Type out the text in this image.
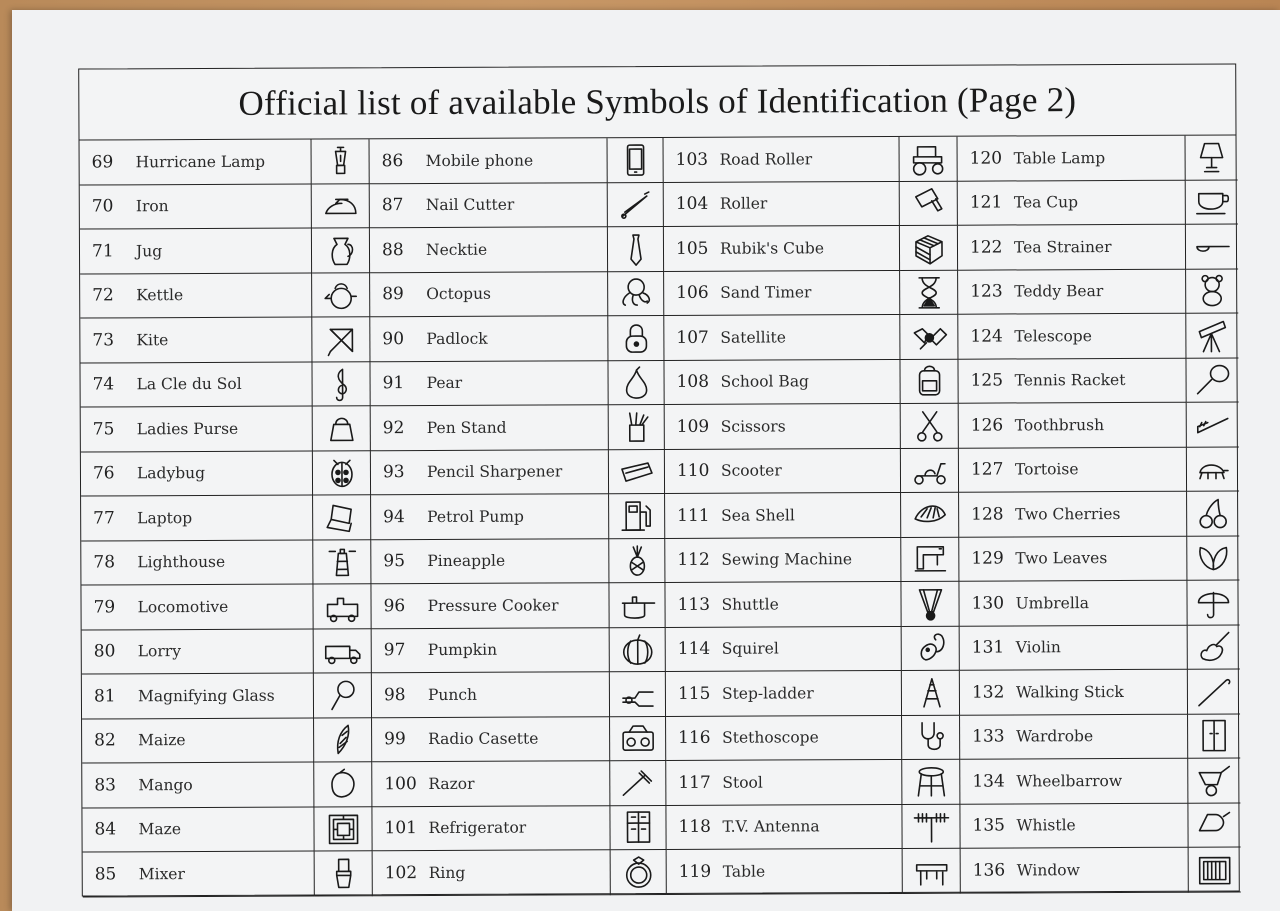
Official list of available Symbols of Identification (Page 2)
69	Hurricane Lamp	86	Mobile phone	103 Road Roller	120 Table Lamp
70	Iron	87	Nail Cutter	104 Roller	121 Tea Cup
71	Jug	88	Necktie	105 Rubik's Cube	122 Tea Strainer
72	Kettle	89	Octopus	106 Sand Timer	123 Teddy Bear
73	Kite	90	Padlock	107 Satellite	124 Telescope
74	La Cle du Sol	91	Pear	108 School Bag	125 Tennis Racket
75	Ladies Purse	92	Pen Stand	109 Scissors	126 Toothbrush
76	Ladybug	93	Pencil Sharpener	110 Scooter	127 Tortoise
77	Laptop	94	Petrol Pump	111 Sea Shell	128 Two Cherries
78	Lighthouse	95	Pineapple	112 Sewing Machine	129 Two Leaves
79	Locomotive	96	Pressure Cooker	113 Shuttle	130 Umbrella
80	Lorry	97	Pumpkin	114 Squirel	131 Violin
81	Magnifying Glass	98	Punch	115 Step-ladder	132 Walking Stick
82	Maize	99	Radio Casette	116 Stethoscope	133 Wardrobe
83	Mango	100 Razor	117 Stool	134 Wheelbarrow
84	Maze	101 Refrigerator	118 T.V. Antenna	135 Whistle
85	Mixer	102 Ring	119 Table	136 Window
